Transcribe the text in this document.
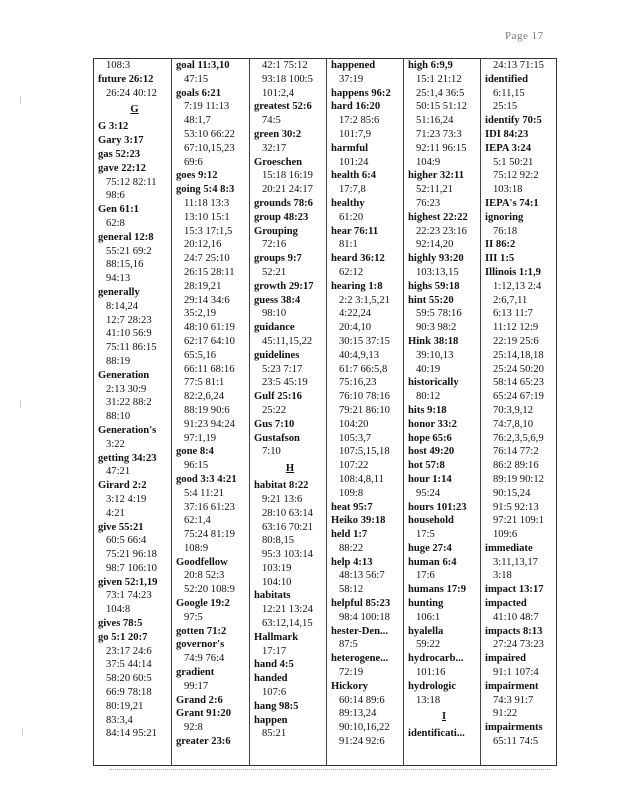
Page 17
108:3
future 26:12
26:24 40:12
G
G 3:12
Gary 3:17
gas 52:23
gave 22:12
75:12 82:11
98:6
Gen 61:1
62:8
general 12:8
55:21 69:2
88:15,16
94:13
generally
8:14,24
12:7 28:23
41:10 56:9
75:11 86:15
88:19
Generation
2:13 30:9
31:22 88:2
88:10
Generation's
3:22
getting 34:23
47:21
Girard 2:2
3:12 4:19
4:21
give 55:21
60:5 66:4
75:21 96:18
98:7 106:10
given 52:1,19
73:1 74:23
104:8
gives 78:5
go 5:1 20:7
23:17 24:6
37:5 44:14
58:20 60:5
66:9 78:18
80:19,21
83:3,4
84:14 95:21
goal 11:3,10
47:15
goals 6:21
7:19 11:13
48:1,7
53:10 66:22
67:10,15,23
69:6
goes 9:12
going 5:4 8:3
11:18 13:3
13:10 15:1
15:3 17:1,5
20:12,16
24:7 25:10
26:15 28:11
28:19,21
29:14 34:6
35:2,19
48:10 61:19
62:17 64:10
65:5,16
66:11 68:16
77:5 81:1
82:2,6,24
88:19 90:6
91:23 94:24
97:1,19
gone 8:4
96:15
good 3:3 4:21
5:4 11:21
37:16 61:23
62:1,4
75:24 81:19
108:9
Goodfellow
20:8 52:3
52:20 108:9
Google 19:2
97:5
gotten 71:2
governor's
74:9 76:4
gradient
99:17
Grand 2:6
Grant 91:20
92:8
greater 23:6
42:1 75:12
93:18 100:5
101:2,4
greatest 52:6
74:5
green 30:2
32:17
Groeschen
15:18 16:19
20:21 24:17
grounds 78:6
group 48:23
Grouping
72:16
groups 9:7
52:21
growth 29:17
guess 38:4
98:10
guidance
45:11,15,22
guidelines
5:23 7:17
23:5 45:19
Gulf 25:16
25:22
Gus 7:10
Gustafson
7:10
H
habitat 8:22
9:21 13:6
28:10 63:14
63:16 70:21
80:8,15
95:3 103:14
103:19
104:10
habitats
12:21 13:24
63:12,14,15
Hallmark
17:17
hand 4:5
handed
107:6
hang 98:5
happen
85:21
happened
37:19
happens 96:2
hard 16:20
17:2 85:6
101:7,9
harmful
101:24
health 6:4
17:7,8
healthy
61:20
hear 76:11
81:1
heard 36:12
62:12
hearing 1:8
2:2 3:1,5,21
4:22,24
20:4,10
30:15 37:15
40:4,9,13
61:7 66:5,8
75:16,23
76:10 78:16
79:21 86:10
104:20
105:3,7
107:5,15,18
107:22
108:4,8,11
109:8
heat 95:7
Heiko 39:18
held 1:7
88:22
help 4:13
48:13 56:7
58:12
helpful 85:23
98:4 100:18
hester-Den...
87:5
heterogene...
72:19
Hickory
60:14 89:6
89:13,24
90:10,16,22
91:24 92:6
high 6:9,9
15:1 21:12
25:1,4 36:5
50:15 51:12
51:16,24
71:23 73:3
92:11 96:15
104:9
higher 32:11
52:11,21
76:23
highest 22:22
22:23 23:16
92:14,20
highly 93:20
103:13,15
highs 59:18
hint 55:20
59:5 78:16
90:3 98:2
Hink 38:18
39:10,13
40:19
historically
80:12
hits 9:18
honor 33:2
hope 65:6
host 49:20
hot 57:8
hour 1:14
95:24
hours 101:23
household
17:5
huge 27:4
human 6:4
17:6
humans 17:9
hunting
106:1
hyalella
59:22
hydrocarb...
101:16
hydrologic
13:18
I
identificati...
24:13 71:15
identified
6:11,15
25:15
identify 70:5
IDI 84:23
IEPA 3:24
5:1 50:21
75:12 92:2
103:18
IEPA's 74:1
ignoring
76:18
II 86:2
III 1:5
Illinois 1:1,9
1:12,13 2:4
2:6,7,11
6:13 11:7
11:12 12:9
22:19 25:6
25:14,18,18
25:24 50:20
58:14 65:23
65:24 67:19
70:3,9,12
74:7,8,10
76:2,3,5,6,9
76:14 77:2
86:2 89:16
89:19 90:12
90:15,24
91:5 92:13
97:21 109:1
109:6
immediate
3:11,13,17
3:18
impact 13:17
impacted
41:10 48:7
impacts 8:13
27:24 73:23
impaired
91:1 107:4
impairment
74:3 91:7
91:22
impairments
65:11 74:5
